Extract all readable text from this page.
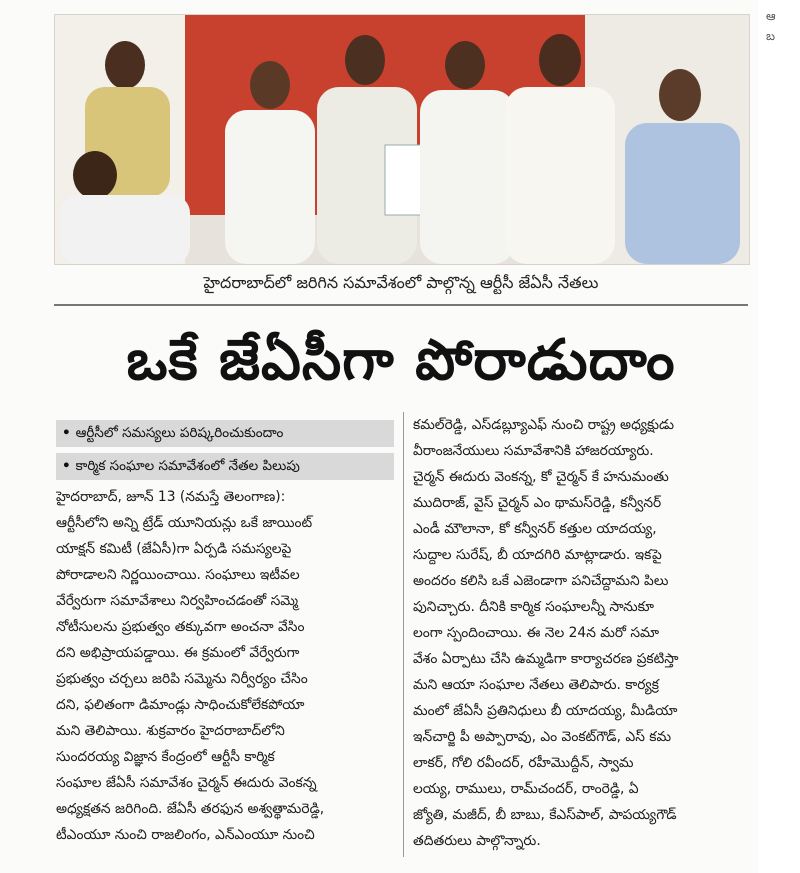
హైదరాబాద్‌లో జరిగిన సమావేశంలో పాల్గొన్న ఆర్టీసీ జేఏసీ నేతలు
ఒకే జేఏసీగా పోరాడుదాం
• ఆర్టీసీలో సమస్యలు పరిష్కరించుకుందాం
• కార్మిక సంఘాల సమావేశంలో నేతల పిలుపు
హైదరాబాద్‌, జూన్‌ 13 (నమస్తే తెలంగాణ):
ఆర్టీసీలోని అన్ని ట్రేడ్‌ యూనియన్లు ఒకే జాయింట్‌
యాక్షన్‌ కమిటీ (జేఏసీ)గా ఏర్పడి సమస్యలపై
పోరాడాలని నిర్ణయించాయి. సంఘాలు ఇటీవల
వేర్వేరుగా సమావేశాలు నిర్వహించడంతో సమ్మె
నోటీసులను ప్రభుత్వం తక్కువగా అంచనా వేసిం
దని అభిప్రాయపడ్డాయి. ఈ క్రమంలో వేర్వేరుగా
ప్రభుత్వం చర్చలు జరిపి సమ్మెను నిర్వీర్యం చేసిం
దని, ఫలితంగా డిమాండ్లు సాధించుకోలేకపోయా
మని తెలిపాయి. శుక్రవారం హైదరాబాద్‌లోని
సుందరయ్య విజ్ఞాన కేంద్రంలో ఆర్టీసీ కార్మిక
సంఘాల జేఏసీ సమావేశం చైర్మన్‌ ఈదురు వెంకన్న
అధ్యక్షతన జరిగింది. జేఏసీ తరఫున అశ్వత్థామరెడ్డి,
టీఎంయూ నుంచి రాజలింగం, ఎన్‌ఎంయూ నుంచి
కమల్‌రెడ్డి, ఎస్‌డబ్ల్యూఎఫ్‌ నుంచి రాష్ట్ర అధ్యక్షుడు
వీరాంజనేయులు సమావేశానికి హాజరయ్యారు.
చైర్మన్‌ ఈదురు వెంకన్న, కో చైర్మన్‌ కే హనుమంతు
ముదిరాజ్‌, వైస్‌ చైర్మన్‌ ఎం థామస్‌రెడ్డి, కన్వీనర్‌
ఎండీ మౌలానా, కో కన్వీనర్‌ కత్తుల యాదయ్య,
సుద్దాల సురేష్‌, బీ యాదగిరి మాట్లాడారు. ఇకపై
అందరం కలిసి ఒకే ఎజెండాగా పనిచేద్దామని పిలు
పునిచ్చారు. దీనికి కార్మిక సంఘాలన్నీ సానుకూ
లంగా స్పందించాయి. ఈ నెల 24న మరో సమా
వేశం ఏర్పాటు చేసి ఉమ్మడిగా కార్యాచరణ ప్రకటిస్తా
మని ఆయా సంఘాల నేతలు తెలిపారు. కార్యక్ర
మంలో జేఏసీ ప్రతినిధులు బీ యాదయ్య, మీడియా
ఇన్‌చార్జి పీ అప్పారావు, ఎం వెంకట్‌గౌడ్‌, ఎస్‌ కమ
లాకర్‌, గోలి రవీందర్‌, రహీమొద్దీన్‌, స్వామ
లయ్య, రాములు, రామ్‌చందర్‌, రాంరెడ్డి, ఏ
జ్యోతి, మజీద్‌, బీ బాబు, కేఎస్‌పాల్‌, పాపయ్యగౌడ్‌
తదితరులు పాల్గొన్నారు.
ఆ
బ
